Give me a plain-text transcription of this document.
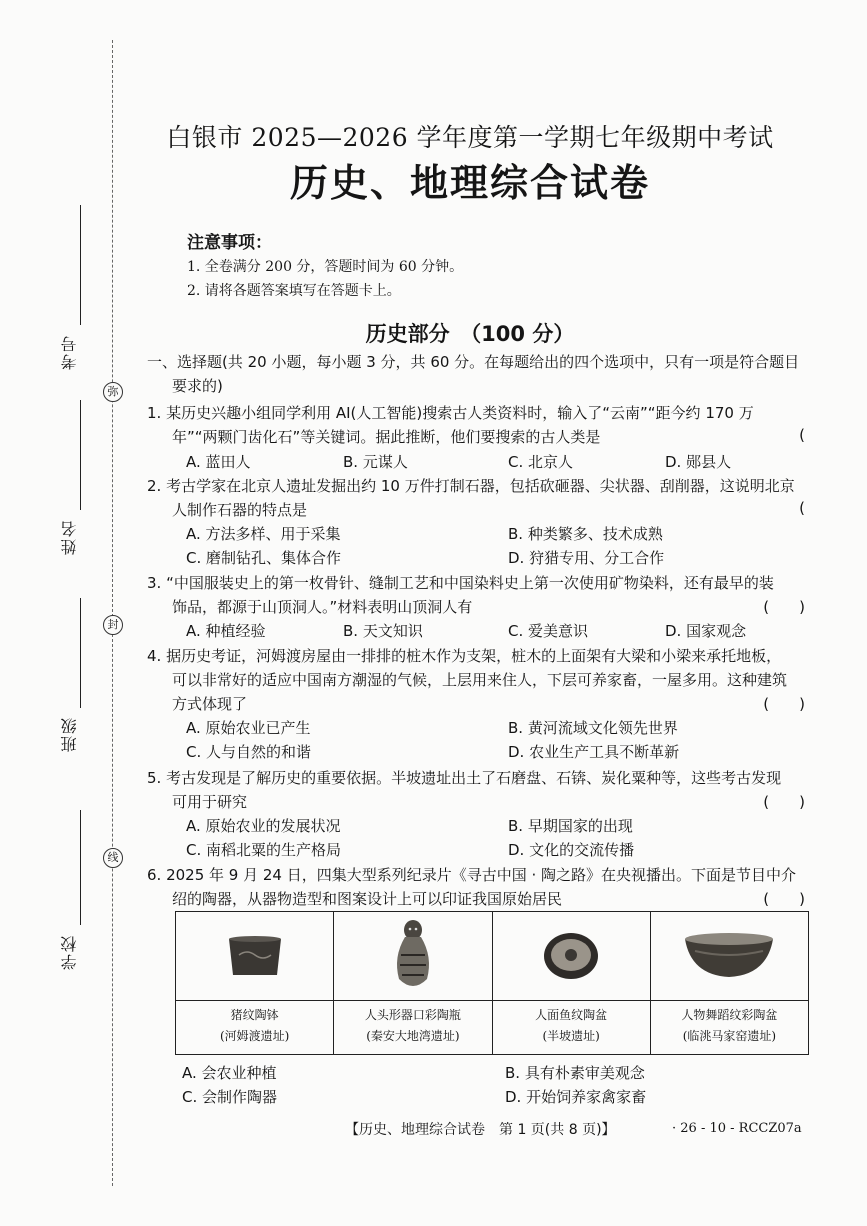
考号
姓名
班级
学校
弥
封
线
白银市 2025—2026 学年度第一学期七年级期中考试
历史、地理综合试卷
注意事项：
1. 全卷满分 200 分，答题时间为 60 分钟。
2. 请将各题答案填写在答题卡上。
历史部分　（100 分）
一、选择题(共 20 小题，每小题 3 分，共 60 分。在每题给出的四个选项中，只有一项是符合题目
要求的)
1. 某历史兴趣小组同学利用 AI(人工智能)搜索古人类资料时，输入了“云南”“距今约 170 万
年”“两颗门齿化石”等关键词。据此推断，他们要搜索的古人类是	(
A. 蓝田人	B. 元谋人	C. 北京人	D. 郧县人
2. 考古学家在北京人遗址发掘出约 10 万件打制石器，包括砍砸器、尖状器、刮削器，这说明北京
人制作石器的特点是	(
A. 方法多样、用于采集	B. 种类繁多、技术成熟
C. 磨制钻孔、集体合作	D. 狩猎专用、分工合作
3. “中国服装史上的第一枚骨针、缝制工艺和中国染料史上第一次使用矿物染料，还有最早的装
饰品，都源于山顶洞人。”材料表明山顶洞人有	(　　)
A. 种植经验	B. 天文知识	C. 爱美意识	D. 国家观念
4. 据历史考证，河姆渡房屋由一排排的桩木作为支架，桩木的上面架有大梁和小梁来承托地板，
可以非常好的适应中国南方潮湿的气候，上层用来住人，下层可养家畜，一屋多用。这种建筑
方式体现了	(　　)
A. 原始农业已产生	B. 黄河流域文化领先世界
C. 人与自然的和谐	D. 农业生产工具不断革新
5. 考古发现是了解历史的重要依据。半坡遗址出土了石磨盘、石锛、炭化粟种等，这些考古发现
可用于研究	(　　)
A. 原始农业的发展状况	B. 早期国家的出现
C. 南稻北粟的生产格局	D. 文化的交流传播
6. 2025 年 9 月 24 日，四集大型系列纪录片《寻古中国 · 陶之路》在央视播出。下面是节目中介
绍的陶器，从器物造型和图案设计上可以印证我国原始居民	(　　)
猪纹陶钵
(河姆渡遗址)
人头形器口彩陶瓶
(秦安大地湾遗址)
人面鱼纹陶盆
(半坡遗址)
人物舞蹈纹彩陶盆
(临洮马家窑遗址)
A. 会农业种植	B. 具有朴素审美观念
C. 会制作陶器	D. 开始饲养家禽家畜
【历史、地理综合试卷　第 1 页(共 8 页)】	· 26 - 10 - RCCZ07a
